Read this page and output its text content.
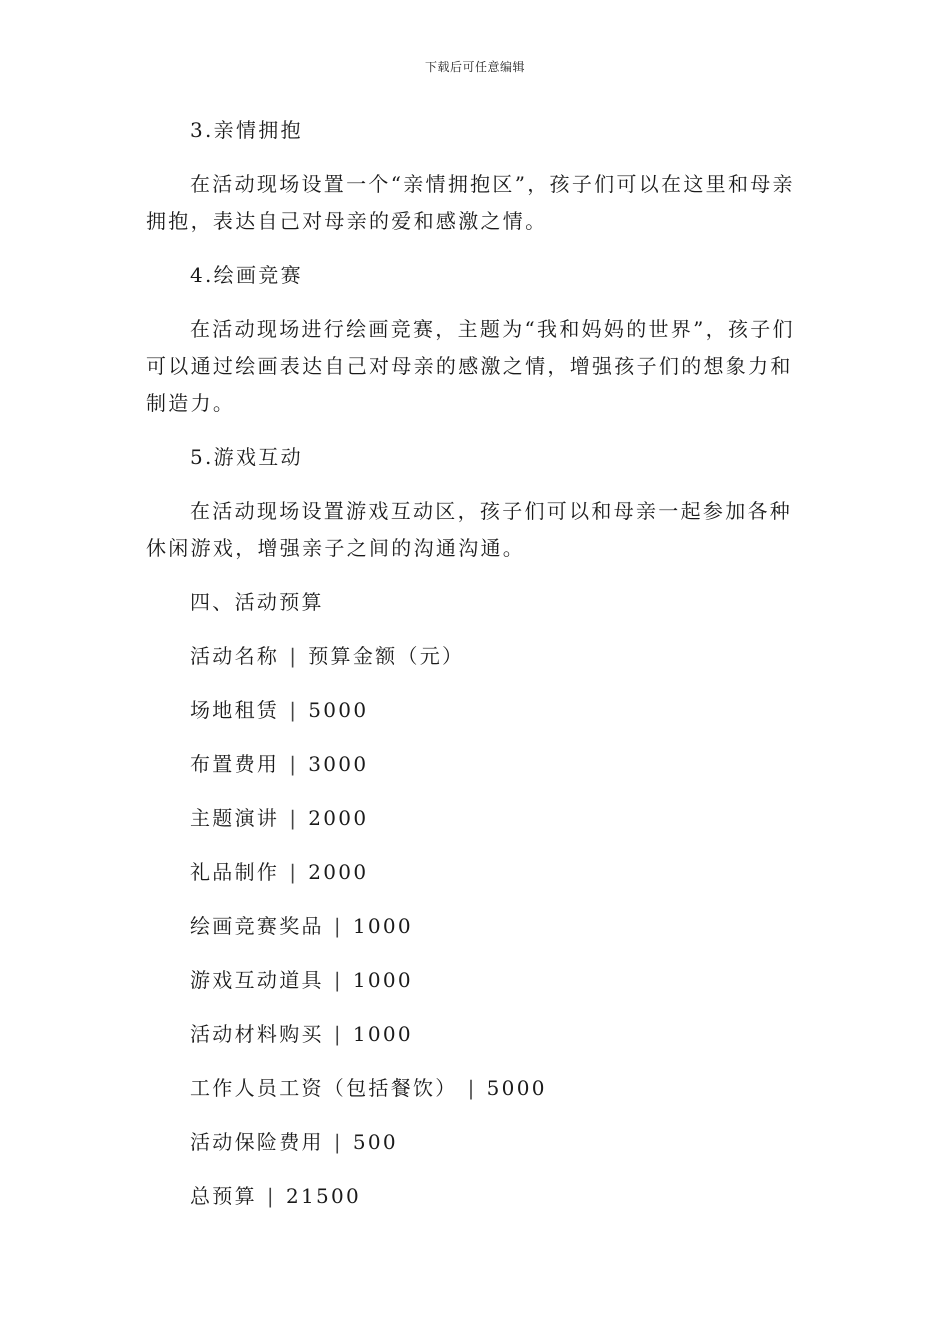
下载后可任意编辑

3.亲情拥抱

在活动现场设置一个“亲情拥抱区”，孩子们可以在这里和母亲拥抱，表达自己对母亲的爱和感激之情。

4.绘画竞赛

在活动现场进行绘画竞赛，主题为“我和妈妈的世界”，孩子们可以通过绘画表达自己对母亲的感激之情，增强孩子们的想象力和制造力。

5.游戏互动

在活动现场设置游戏互动区，孩子们可以和母亲一起参加各种休闲游戏，增强亲子之间的沟通沟通。

四、活动预算

活动名称 | 预算金额（元）

场地租赁 | 5000

布置费用 | 3000

主题演讲 | 2000

礼品制作 | 2000

绘画竞赛奖品 | 1000

游戏互动道具 | 1000

活动材料购买 | 1000

工作人员工资（包括餐饮） | 5000

活动保险费用 | 500

总预算 | 21500
